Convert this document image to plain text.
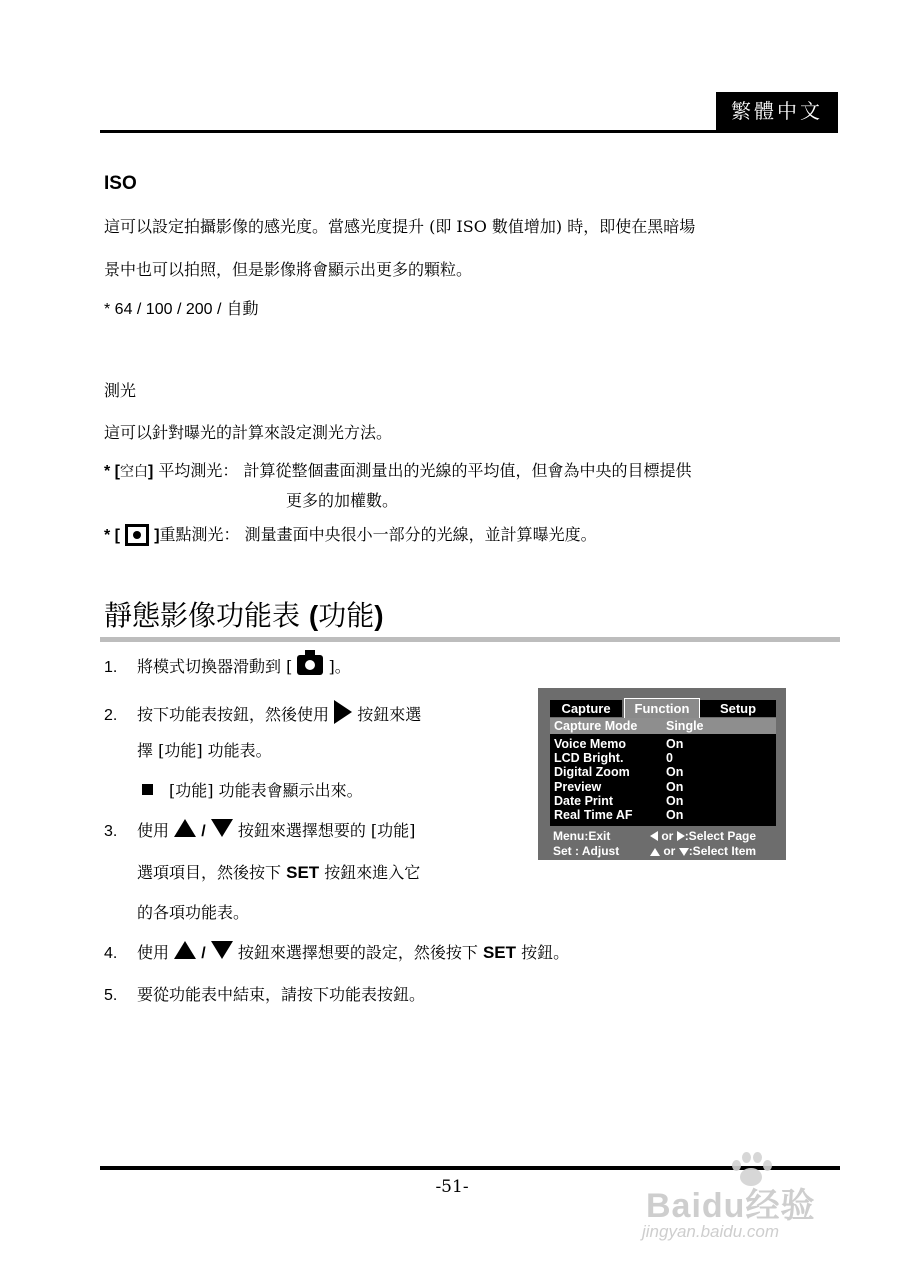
繁體中文
ISO
這可以設定拍攝影像的感光度。當感光度提升 (即 ISO 數值增加) 時，即使在黑暗場
景中也可以拍照，但是影像將會顯示出更多的顆粒。
* 64 / 100 / 200 / 自動
測光
這可以針對曝光的計算來設定測光方法。
* [空白] 平均測光： 計算從整個畫面測量出的光線的平均值，但會為中央的目標提供
更多的加權數。
* [ ]重點測光： 測量畫面中央很小一部分的光線，並計算曝光度。
靜態影像功能表 (功能)
1. 將模式切換器滑動到 [ ]。
2. 按下功能表按鈕，然後使用 按鈕來選
擇 [功能] 功能表。
[功能] 功能表會顯示出來。
3. 使用 / 按鈕來選擇想要的 [功能]
選項項目，然後按下 SET 按鈕來進入它
的各項功能表。
4. 使用 / 按鈕來選擇想要的設定，然後按下 SET 按鈕。
5. 要從功能表中結束，請按下功能表按鈕。
Capture	Function	Setup
Capture Mode Single
Voice Memo	On
LCD Bright.	0
Digital Zoom	On
Preview	On
Date Print	On
Real Time AF	On
Menu:Exit
Set : Adjust
or :Select Page
or :Select Item
-51-	Baidu经验
jingyan.baidu.com
